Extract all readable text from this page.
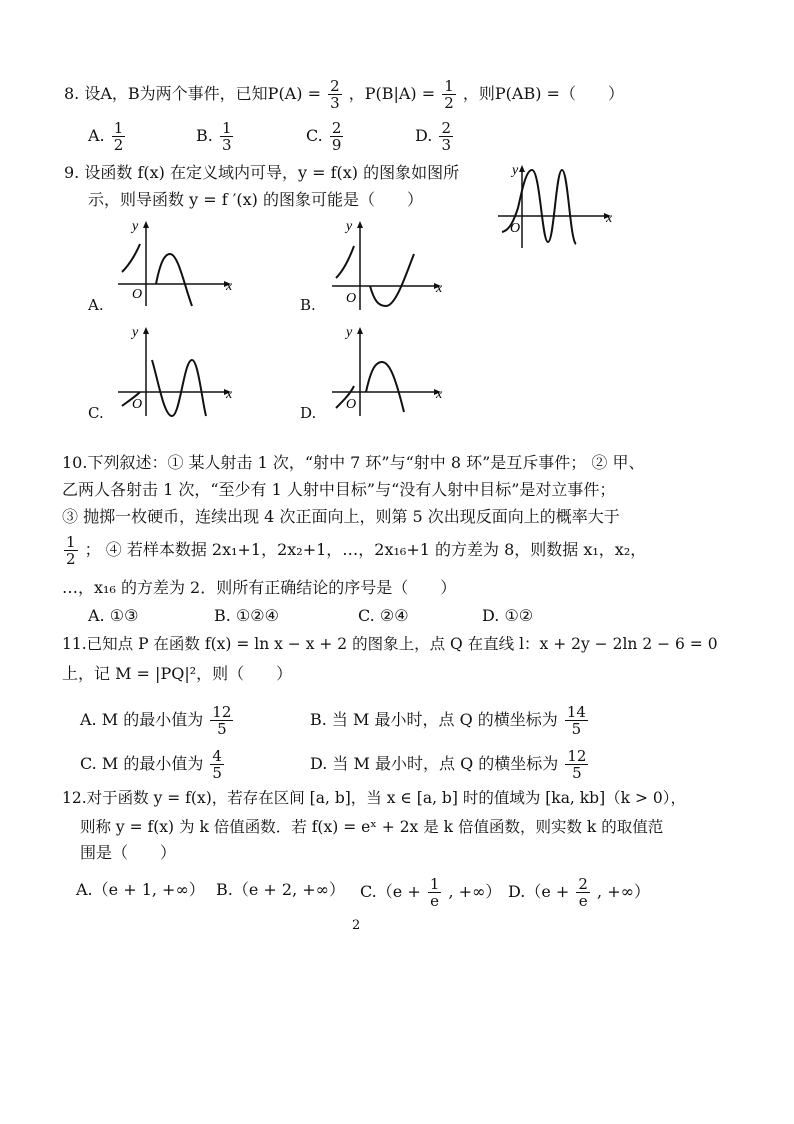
8. 设A，B为两个事件，已知$P(A) = \frac{2}{3}$ ，$P(B|A) = \frac{1}{2}$ ，则P(AB) =（　　）
A. $\frac{1}{2}$	B. $\frac{1}{3}$	C. $\frac{2}{9}$	D. $\frac{2}{3}$
9. 设函数 f(x) 在定义域内可导，y = f(x) 的图象如图所
示，则导函数 y = f ′(x) 的图象可能是（　　）
y
x
O
A.
y
x
O
B.
y
x
O
C.
y
x
O	D.
y
x
O
10.下列叙述：① 某人射击 1 次，“射中 7 环”与“射中 8 环”是互斥事件； ② 甲、
乙两人各射击 1 次，“至少有 1 人射中目标”与“没有人射中目标”是对立事件；
③ 抛掷一枚硬币，连续出现 4 次正面向上，则第 5 次出现反面向上的概率大于
$\frac{1}{2}$ ； ④ 若样本数据 2x₁+1，2x₂+1，…，2x₁₆+1 的方差为 8，则数据 x₁，x₂，
…，x₁₆ 的方差为 2．则所有正确结论的序号是（　　）
A. ①③	B. ①②④	C. ②④	D. ①②
11.已知点 P 在函数 f(x) = ln x − x + 2 的图象上，点 Q 在直线 l：x + 2y − 2ln 2 − 6 = 0
上，记 M = |PQ|²，则（　　）
A. M 的最小值为 $\frac{12}{5}$	B. 当 M 最小时，点 Q 的横坐标为 $\frac{14}{5}$
C. M 的最小值为 $\frac{4}{5}$	D. 当 M 最小时，点 Q 的横坐标为 $\frac{12}{5}$
12.对于函数 y = f(x)，若存在区间 [a, b]，当 x ∈ [a, b] 时的值域为 [ka, kb]（k > 0），
则称 y = f(x) 为 k 倍值函数．若 f(x) = eˣ + 2x 是 k 倍值函数，则实数 k 的取值范
围是（　　）
A.（e + 1, +∞） B.（e + 2, +∞） $C.(e + \frac{1}{e}$ , +∞） $D.(e + \frac{2}{e}$ , +∞）
2
